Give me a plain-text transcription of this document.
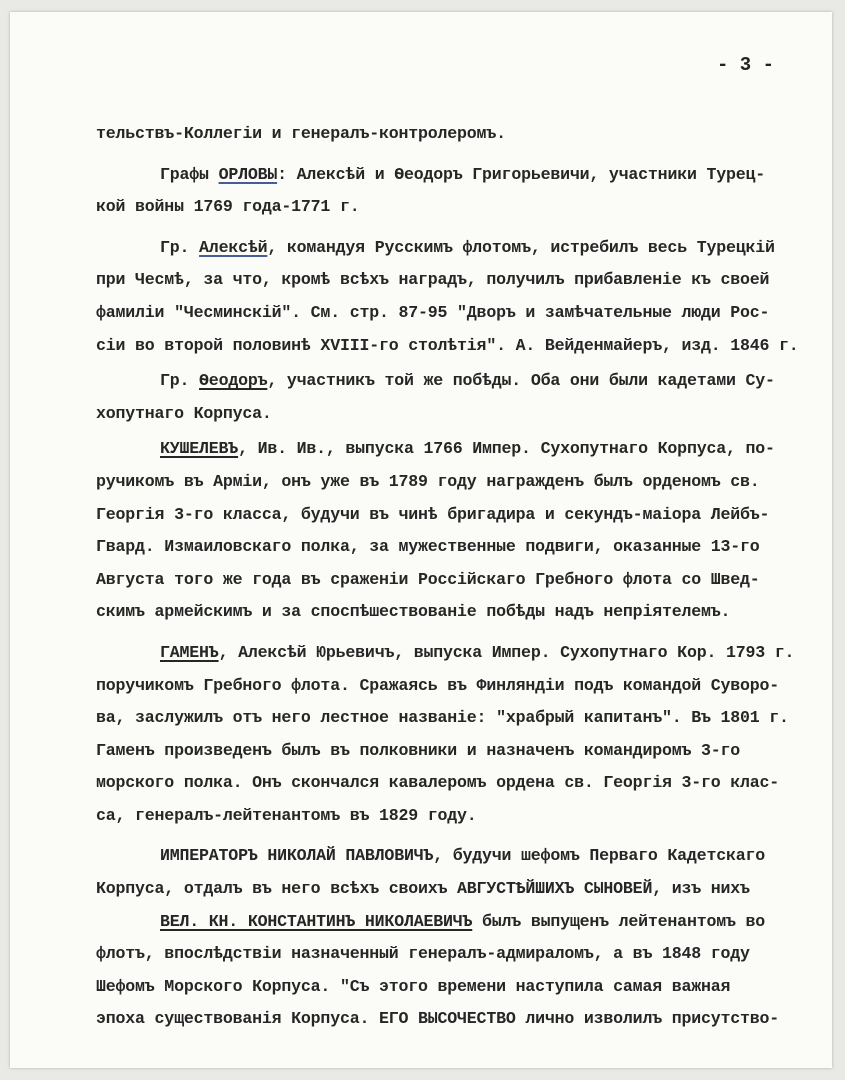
- 3 -
тельствъ-Коллегіи и генералъ-контролеромъ.
Графы ОРЛОВЫ: Алексѣй и Ѳеодоръ Григорьевичи, участники Турец-
кой войны 1769 года-1771 г.
Гр. Алексѣй, командуя Русскимъ флотомъ, истребилъ весь Турецкій
при Чесмѣ, за что, кромѣ всѣхъ наградъ, получилъ прибавленіе къ своей
фамиліи "Чесминскій". См. стр. 87-95 "Дворъ и замѣчательные люди Рос-
сіи во второй половинѣ XVIII-го столѣтія". А. Вейденмайеръ, изд. 1846 г.
Гр. Ѳеодоръ, участникъ той же побѣды. Оба они были кадетами Су-
хопутнаго Корпуса.
КУШЕЛЕВЪ, Ив. Ив., выпуска 1766 Импер. Сухопутнаго Корпуса, по-
ручикомъ въ Арміи, онъ уже въ 1789 году награжденъ былъ орденомъ св.
Георгія 3-го класса, будучи въ чинѣ бригадира и секундъ-маіора Лейбъ-
Гвард. Измаиловскаго полка, за мужественные подвиги, оказанные 13-го
Августа того же года въ сраженіи Россійскаго Гребного флота со Швед-
скимъ армейскимъ и за споспѣшествованіе побѣды надъ непріятелемъ.
ГАМЕНЪ, Алексѣй Юрьевичъ, выпуска Импер. Сухопутнаго Кор. 1793 г.
поручикомъ Гребного флота. Сражаясь въ Финляндіи подъ командой Суворо-
ва, заслужилъ отъ него лестное названіе: "храбрый капитанъ". Въ 1801 г.
Гаменъ произведенъ былъ въ полковники и назначенъ командиромъ 3-го
морского полка. Онъ скончался кавалеромъ ордена св. Георгія 3-го клас-
са, генералъ-лейтенантомъ въ 1829 году.
ИМПЕРАТОРЪ НИКОЛАЙ ПАВЛОВИЧЪ, будучи шефомъ Перваго Кадетскаго
Корпуса, отдалъ въ него всѣхъ своихъ АВГУСТѢЙШИХЪ СЫНОВЕЙ, изъ нихъ
ВЕЛ. КН. КОНСТАНТИНЪ НИКОЛАЕВИЧЪ былъ выпущенъ лейтенантомъ во
флотъ, впослѣдствіи назначенный генералъ-адмираломъ, а въ 1848 году
Шефомъ Морского Корпуса. "Съ этого времени наступила самая важная
эпоха существованія Корпуса. ЕГО ВЫСОЧЕСТВО лично изволилъ присутство-
